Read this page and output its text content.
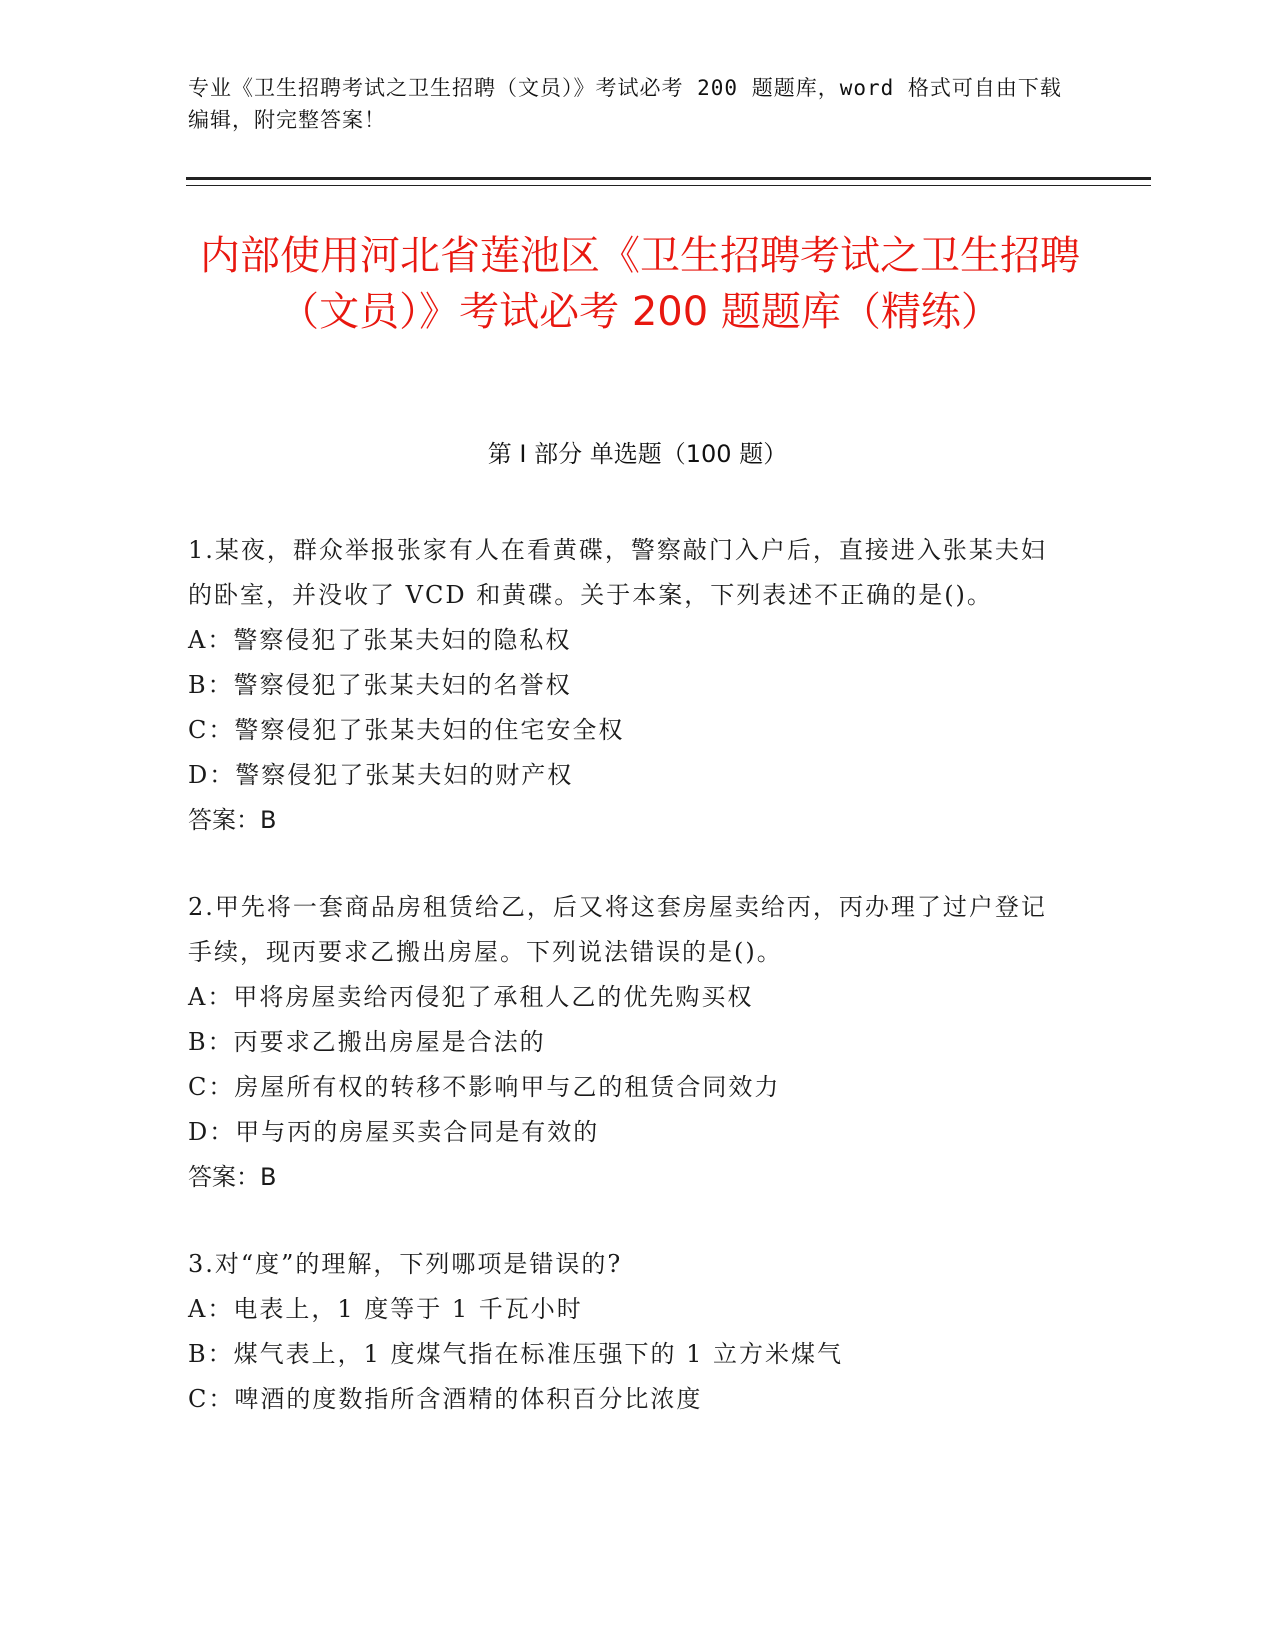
专业《卫生招聘考试之卫生招聘（文员）》考试必考 200 题题库，word 格式可自由下载编辑，附完整答案！
内部使用河北省莲池区《卫生招聘考试之卫生招聘（文员）》考试必考 200 题题库（精练）
第 I 部分 单选题（100 题）
1.某夜，群众举报张家有人在看黄碟，警察敲门入户后，直接进入张某夫妇的卧室，并没收了 VCD 和黄碟。关于本案，下列表述不正确的是()。
A：警察侵犯了张某夫妇的隐私权
B：警察侵犯了张某夫妇的名誉权
C：警察侵犯了张某夫妇的住宅安全权
D：警察侵犯了张某夫妇的财产权
答案：B
2.甲先将一套商品房租赁给乙，后又将这套房屋卖给丙，丙办理了过户登记手续，现丙要求乙搬出房屋。下列说法错误的是()。
A：甲将房屋卖给丙侵犯了承租人乙的优先购买权
B：丙要求乙搬出房屋是合法的
C：房屋所有权的转移不影响甲与乙的租赁合同效力
D：甲与丙的房屋买卖合同是有效的
答案：B
3.对“度”的理解，下列哪项是错误的?
A：电表上，1 度等于 1 千瓦小时
B：煤气表上，1 度煤气指在标准压强下的 1 立方米煤气
C：啤酒的度数指所含酒精的体积百分比浓度
